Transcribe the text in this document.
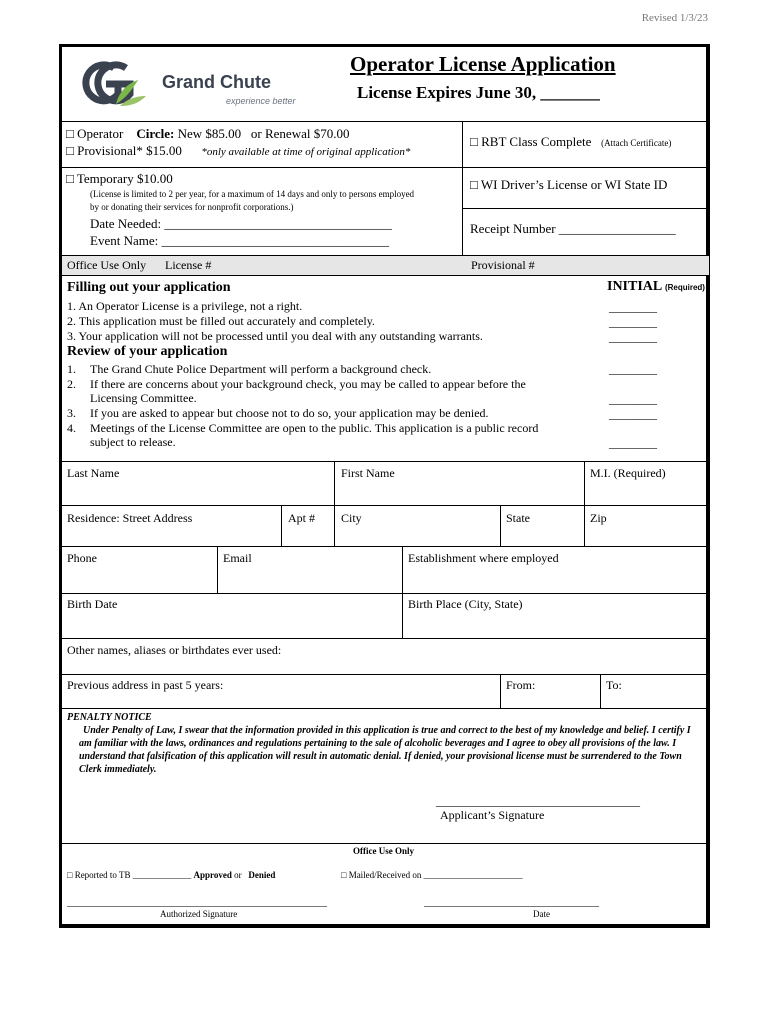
Revised 1/3/23
Grand Chute
experience better
Operator License Application
License Expires June 30, _______
□ Operator Circle: New $85.00 or Renewal $70.00
□ Provisional* $15.00 *only available at time of original application*
□ Temporary $10.00
(License is limited to 2 per year, for a maximum of 14 days and only to persons employed
by or donating their services for nonprofit corporations.)
Date Needed: ___________________________________
Event Name: ___________________________________
□ RBT Class Complete (Attach Certificate)
□ WI Driver’s License or WI State ID
Receipt Number __________________
Office Use Only License #	Provisional #
Filling out your application	INITIAL (Required)
1. An Operator License is a privilege, not a right.
2. This application must be filled out accurately and completely.
3. Your application will not be processed until you deal with any outstanding warrants.
________
________
________
Review of your application
1. The Grand Chute Police Department will perform a background check.
2. If there are concerns about your background check, you may be called to appear before the
Licensing Committee.
3. If you are asked to appear but choose not to do so, your application may be denied.
4. Meetings of the License Committee are open to the public. This application is a public record
subject to release.
________
________
________
________
Last Name	First Name	M.I. (Required)
Residence: Street Address	Apt # City	State	Zip
Phone	Email	Establishment where employed
Birth Date	Birth Place (City, State)
Other names, aliases or birthdates ever used:
Previous address in past 5 years:	From:	To:
PENALTY NOTICE
Under Penalty of Law, I swear that the information provided in this application is true and correct to the best of my knowledge and belief. I certify I am familiar with the laws, ordinances and regulations pertaining to the sale of alcoholic beverages and I agree to obey all provisions of the law. I understand that falsification of this application will result in automatic denial. If denied, your provisional license must be surrendered to the Town Clerk immediately.
__________________________________
Applicant’s Signature
Office Use Only
□ Reported to TB _____________ Approved or Denied	□ Mailed/Received on ______________________
____________________________________________________
Authorized Signature
___________________________________
Date
